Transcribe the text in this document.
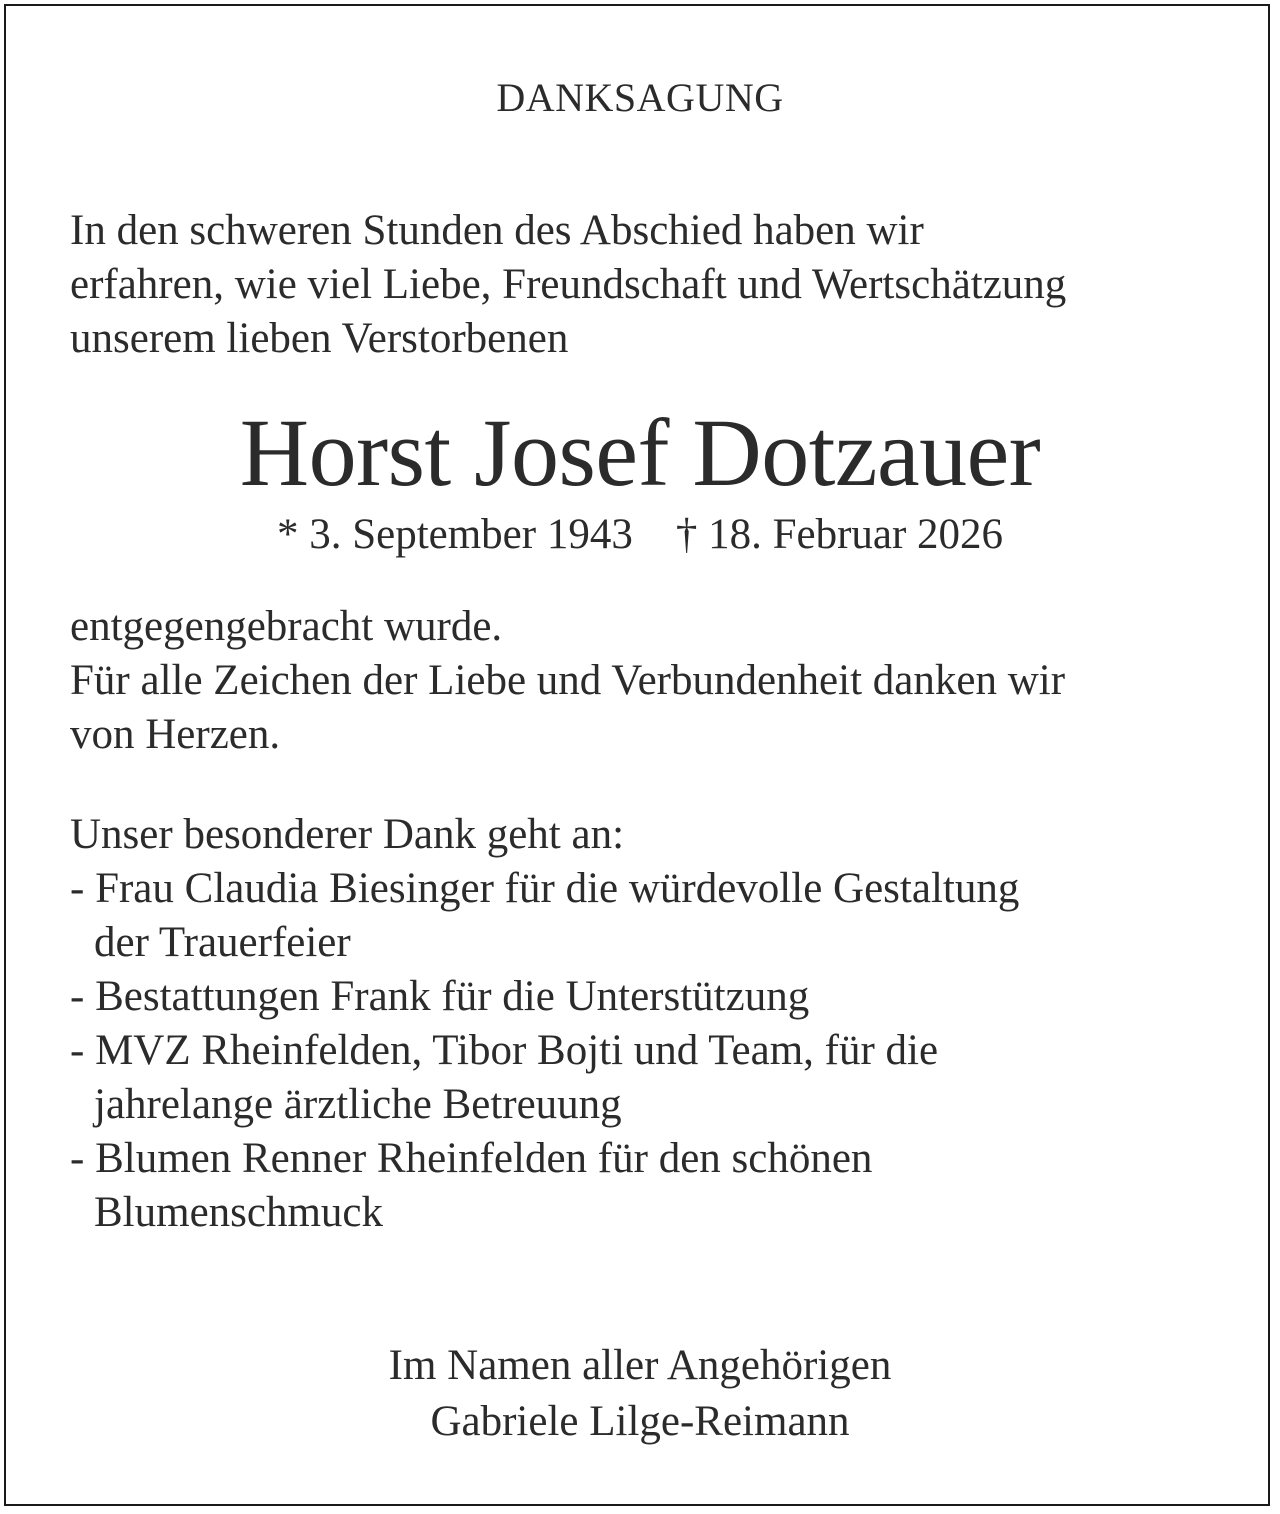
DANKSAGUNG
In den schweren Stunden des Abschied haben wir
erfahren, wie viel Liebe, Freundschaft und Wertschätzung
unserem lieben Verstorbenen
Horst Josef Dotzauer
* 3. September 1943 † 18. Februar 2026
entgegengebracht wurde.
Für alle Zeichen der Liebe und Verbundenheit danken wir
von Herzen.
Unser besonderer Dank geht an:
- Frau Claudia Biesinger für die würdevolle Gestaltung
der Trauerfeier
- Bestattungen Frank für die Unterstützung
- MVZ Rheinfelden, Tibor Bojti und Team, für die
jahrelange ärztliche Betreuung
- Blumen Renner Rheinfelden für den schönen
Blumenschmuck
Im Namen aller Angehörigen
Gabriele Lilge-Reimann
